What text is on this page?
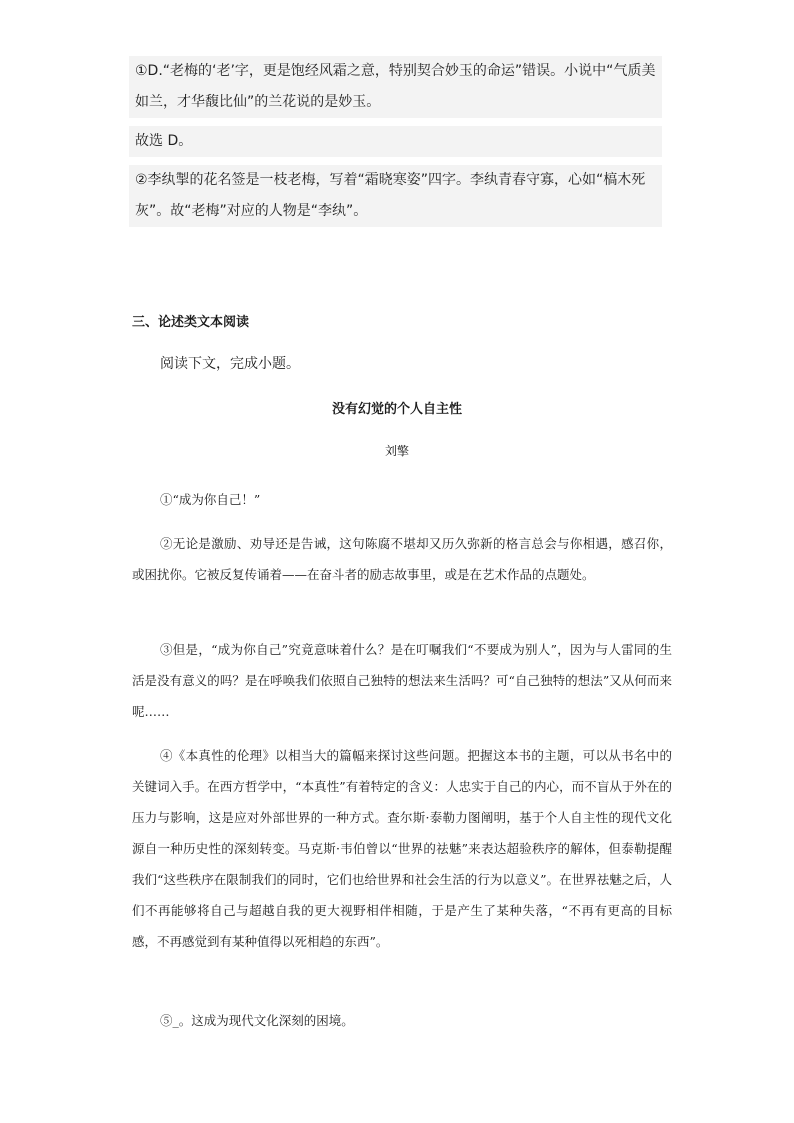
①D.“老梅的‘老’字，更是饱经风霜之意，特别契合妙玉的命运”错误。小说中“气质美如兰，才华馥比仙”的兰花说的是妙玉。

故选 D。

②李纨掣的花名签是一枝老梅，写着“霜晓寒姿”四字。李纨青春守寡，心如“槁木死灰”。故“老梅”对应的人物是“李纨”。

三、论述类文本阅读
阅读下文，完成小题。
没有幻觉的个人自主性
刘擎

①“成为你自己！”

②无论是激励、劝导还是告诫，这句陈腐不堪却又历久弥新的格言总会与你相遇，感召你，或困扰你。它被反复传诵着——在奋斗者的励志故事里，或是在艺术作品的点题处。

③但是，“成为你自己”究竟意味着什么？是在叮嘱我们“不要成为别人”，因为与人雷同的生活是没有意义的吗？是在呼唤我们依照自己独特的想法来生活吗？可“自己独特的想法”又从何而来呢……

④《本真性的伦理》以相当大的篇幅来探讨这些问题。把握这本书的主题，可以从书名中的关键词入手。在西方哲学中，“本真性”有着特定的含义：人忠实于自己的内心，而不盲从于外在的压力与影响，这是应对外部世界的一种方式。查尔斯·泰勒力图阐明，基于个人自主性的现代文化源自一种历史性的深刻转变。马克斯·韦伯曾以“世界的祛魅”来表达超验秩序的解体，但泰勒提醒我们“这些秩序在限制我们的同时，它们也给世界和社会生活的行为以意义”。在世界祛魅之后，人们不再能够将自己与超越自我的更大视野相伴相随，于是产生了某种失落，“不再有更高的目标感，不再感觉到有某种值得以死相趋的东西”。

⑤_。这成为现代文化深刻的困境。
